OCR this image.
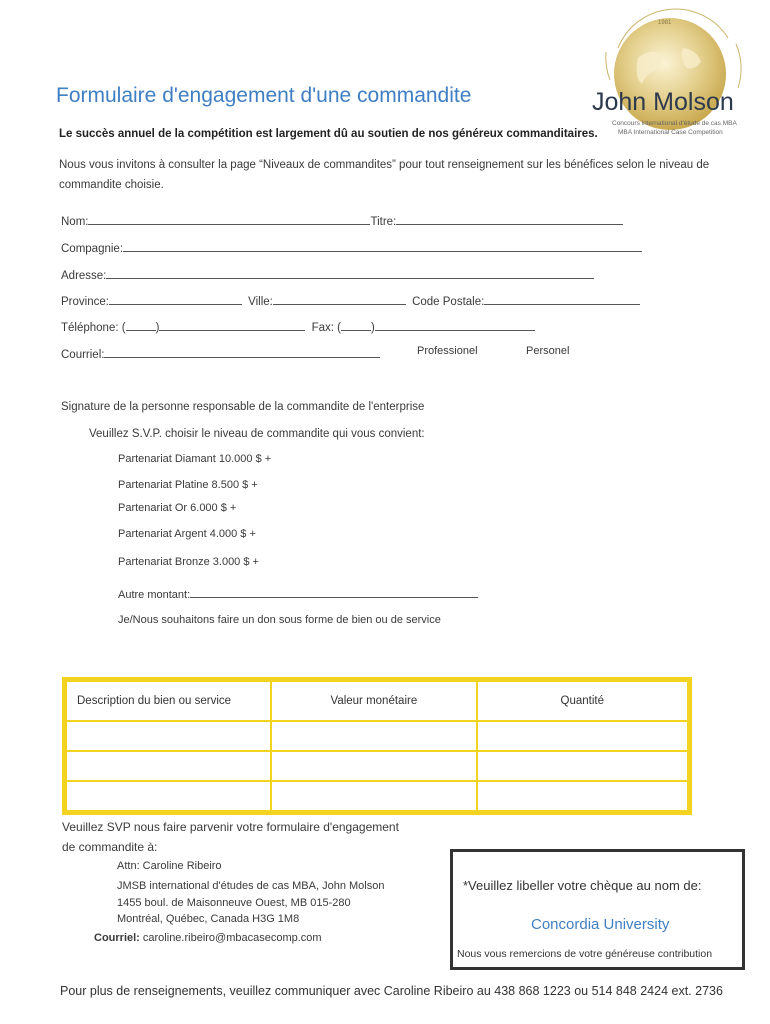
Formulaire d'engagement d'une commandite
1981
John Molson
Concours international d'étude de cas MBA
MBA International Case Competition
Le succès annuel de la compétition est largement dû au soutien de nos généreux commanditaires.
Nous vous invitons à consulter la page “Niveaux de commandites” pour tout renseignement sur les bénéfices selon le niveau de commandite choisie.
Nom:	Titre:
Compagnie:
Adresse:
Province:	Ville:	Code Postale:
Téléphone: (	)	Fax: (	)
Courriel:	Professionel	Personel
Signature de la personne responsable de la commandite de l'enterprise
Veuillez S.V.P. choisir le niveau de commandite qui vous convient:
Partenariat Diamant 10.000 $ +
Partenariat Platine 8.500 $ +
Partenariat Or 6.000 $ +
Partenariat Argent 4.000 $ +
Partenariat Bronze 3.000 $ +
Autre montant:
Je/Nous souhaitons faire un don sous forme de bien ou de service
Description du bien ou service	Valeur monétaire	Quantité

Veuillez SVP nous faire parvenir votre formulaire d'engagement
de commandite à:
Attn: Caroline Ribeiro
JMSB international d'études de cas MBA, John Molson
1455 boul. de Maisonneuve Ouest, MB 015-280
Montréal, Québec, Canada H3G 1M8
Courriel: caroline.ribeiro@mbacasecomp.com
*Veuillez libeller votre chèque au nom de:
Concordia University
Nous vous remercions de votre généreuse contribution
Pour plus de renseignements, veuillez communiquer avec Caroline Ribeiro au 438 868 1223 ou 514 848 2424 ext. 2736
